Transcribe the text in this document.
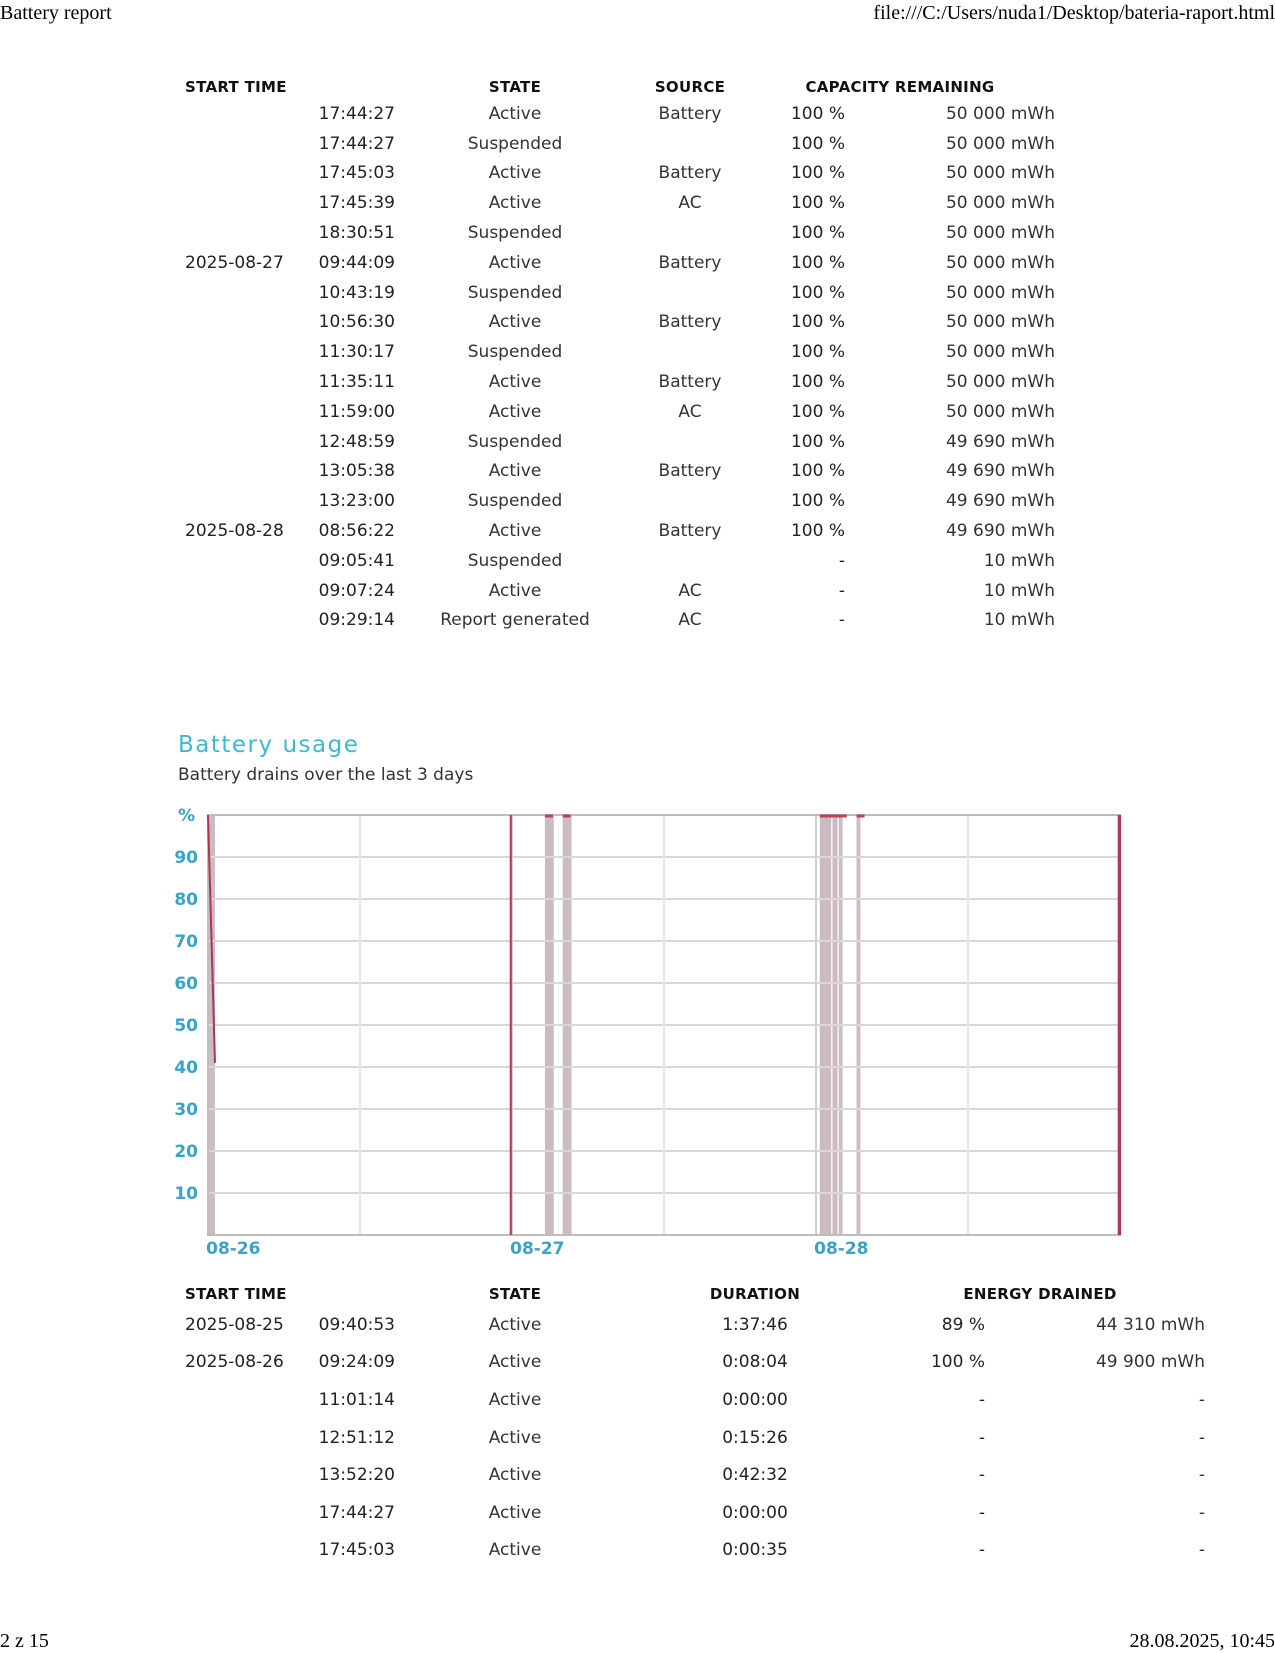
Battery report	file:///C:/Users/nuda1/Desktop/bateria-raport.html
START TIME		STATE	SOURCE	CAPACITY REMAINING	
	17:44:27	Active	Battery	100 %	50 000 mWh
	17:44:27	Suspended		100 %	50 000 mWh
	17:45:03	Active	Battery	100 %	50 000 mWh
	17:45:39	Active	AC	100 %	50 000 mWh
	18:30:51	Suspended		100 %	50 000 mWh
2025-08-27	09:44:09	Active	Battery	100 %	50 000 mWh
	10:43:19	Suspended		100 %	50 000 mWh
	10:56:30	Active	Battery	100 %	50 000 mWh
	11:30:17	Suspended		100 %	50 000 mWh
	11:35:11	Active	Battery	100 %	50 000 mWh
	11:59:00	Active	AC	100 %	50 000 mWh
	12:48:59	Suspended		100 %	49 690 mWh
	13:05:38	Active	Battery	100 %	49 690 mWh
	13:23:00	Suspended		100 %	49 690 mWh
2025-08-28	08:56:22	Active	Battery	100 %	49 690 mWh
	09:05:41	Suspended		-	10 mWh
	09:07:24	Active	AC	-	10 mWh
	09:29:14	Report generated	AC	-	10 mWh
Battery usage
Battery drains over the last 3 days
%
10
20
30
40
50
60
70
80
90
08-26	08-27	08-28
START TIME		STATE	DURATION	ENERGY DRAINED	
2025-08-25	09:40:53	Active	1:37:46	89 %	44 310 mWh
2025-08-26	09:24:09	Active	0:08:04	100 %	49 900 mWh
	11:01:14	Active	0:00:00	-	-
	12:51:12	Active	0:15:26	-	-
	13:52:20	Active	0:42:32	-	-
	17:44:27	Active	0:00:00	-	-
	17:45:03	Active	0:00:35	-	-
2 z 15	28.08.2025, 10:45
